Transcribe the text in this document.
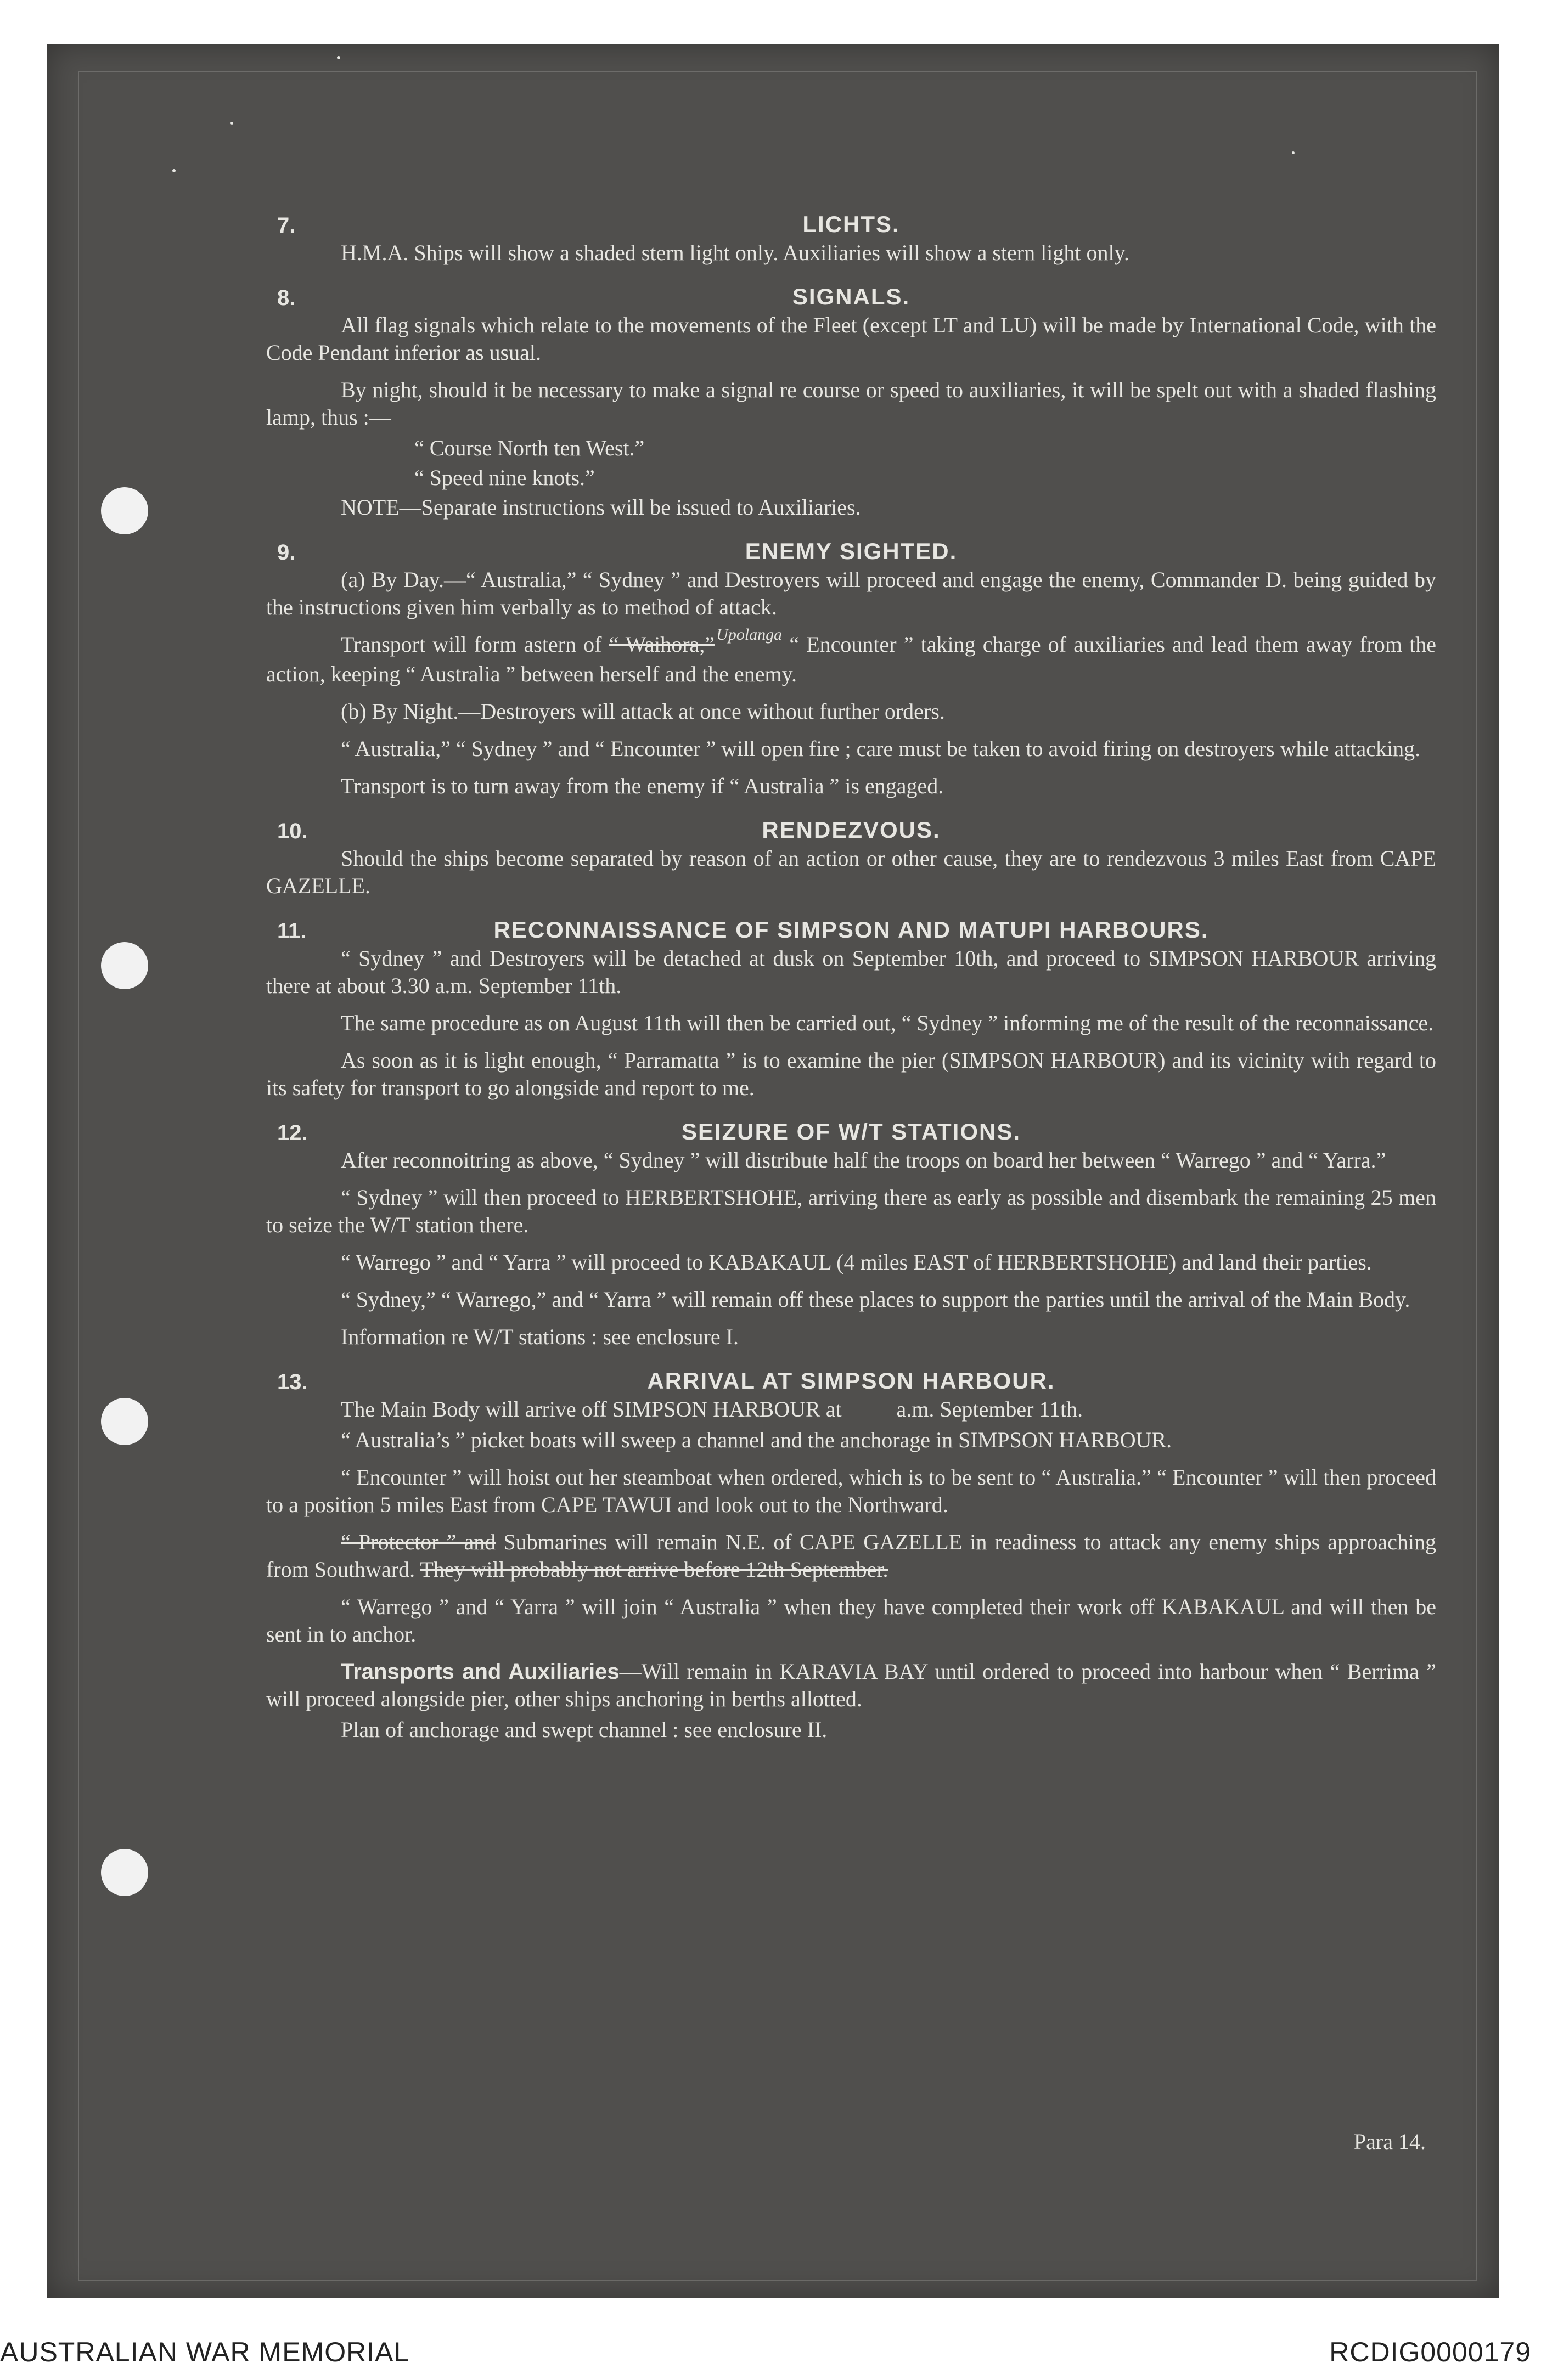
7.	LICHTS.

H.M.A. Ships will show a shaded stern light only. Auxiliaries will show a stern light only.

8.	SIGNALS.

All flag signals which relate to the movements of the Fleet (except LT and LU) will be made by International Code, with the Code Pendant inferior as usual.

By night, should it be necessary to make a signal re course or speed to auxiliaries, it will be spelt out with a shaded flashing lamp, thus :—

“ Course North ten West.”

“ Speed nine knots.”

NOTE—Separate instructions will be issued to Auxiliaries.

9.	ENEMY SIGHTED.

(a) By Day.—“ Australia,” “ Sydney ” and Destroyers will proceed and engage the enemy, Commander D. being guided by the instructions given him verbally as to method of attack.

Transport will form astern of “ Waihora,” $^{Upolanga}$ “ Encounter ” taking charge of auxiliaries and lead them away from the action, keeping “ Australia ” between herself and the enemy.

(b) By Night.—Destroyers will attack at once without further orders.

“ Australia,” “ Sydney ” and “ Encounter ” will open fire ; care must be taken to avoid firing on destroyers while attacking.

Transport is to turn away from the enemy if “ Australia ” is engaged.

10.	RENDEZVOUS.

Should the ships become separated by reason of an action or other cause, they are to rendezvous 3 miles East from CAPE GAZELLE.

11.	RECONNAISSANCE OF SIMPSON AND MATUPI HARBOURS.

“ Sydney ” and Destroyers will be detached at dusk on September 10th, and proceed to SIMPSON HARBOUR arriving there at about 3.30 a.m. September 11th.

The same procedure as on August 11th will then be carried out, “ Sydney ” informing me of the result of the reconnaissance.

As soon as it is light enough, “ Parramatta ” is to examine the pier (SIMPSON HARBOUR) and its vicinity with regard to its safety for transport to go alongside and report to me.

12.	SEIZURE OF W/T STATIONS.

After reconnoitring as above, “ Sydney ” will distribute half the troops on board her between “ Warrego ” and “ Yarra.”

“ Sydney ” will then proceed to HERBERTSHOHE, arriving there as early as possible and disembark the remaining 25 men to seize the W/T station there.

“ Warrego ” and “ Yarra ” will proceed to KABAKAUL (4 miles EAST of HERBERTSHOHE) and land their parties.

“ Sydney,” “ Warrego,” and “ Yarra ” will remain off these places to support the parties until the arrival of the Main Body.

Information re W/T stations : see enclosure I.

13.	ARRIVAL AT SIMPSON HARBOUR.

The Main Body will arrive off SIMPSON HARBOUR at          a.m. September 11th.

“ Australia’s ” picket boats will sweep a channel and the anchorage in SIMPSON HARBOUR.

“ Encounter ” will hoist out her steamboat when ordered, which is to be sent to “ Australia.” “ Encounter ” will then proceed to a position 5 miles East from CAPE TAWUI and look out to the Northward.

“ Protector ” and Submarines will remain N.E. of CAPE GAZELLE in readiness to attack any enemy ships approaching from Southward. They will probably not arrive before 12th September.

“ Warrego ” and “ Yarra ” will join “ Australia ” when they have completed their work off KABAKAUL and will then be sent in to anchor.

Transports and Auxiliaries—Will remain in KARAVIA BAY until ordered to proceed into harbour when “ Berrima ” will proceed alongside pier, other ships anchoring in berths allotted.

Plan of anchorage and swept channel : see enclosure II.

Para 14.
AUSTRALIAN WAR MEMORIAL	RCDIG0000179
